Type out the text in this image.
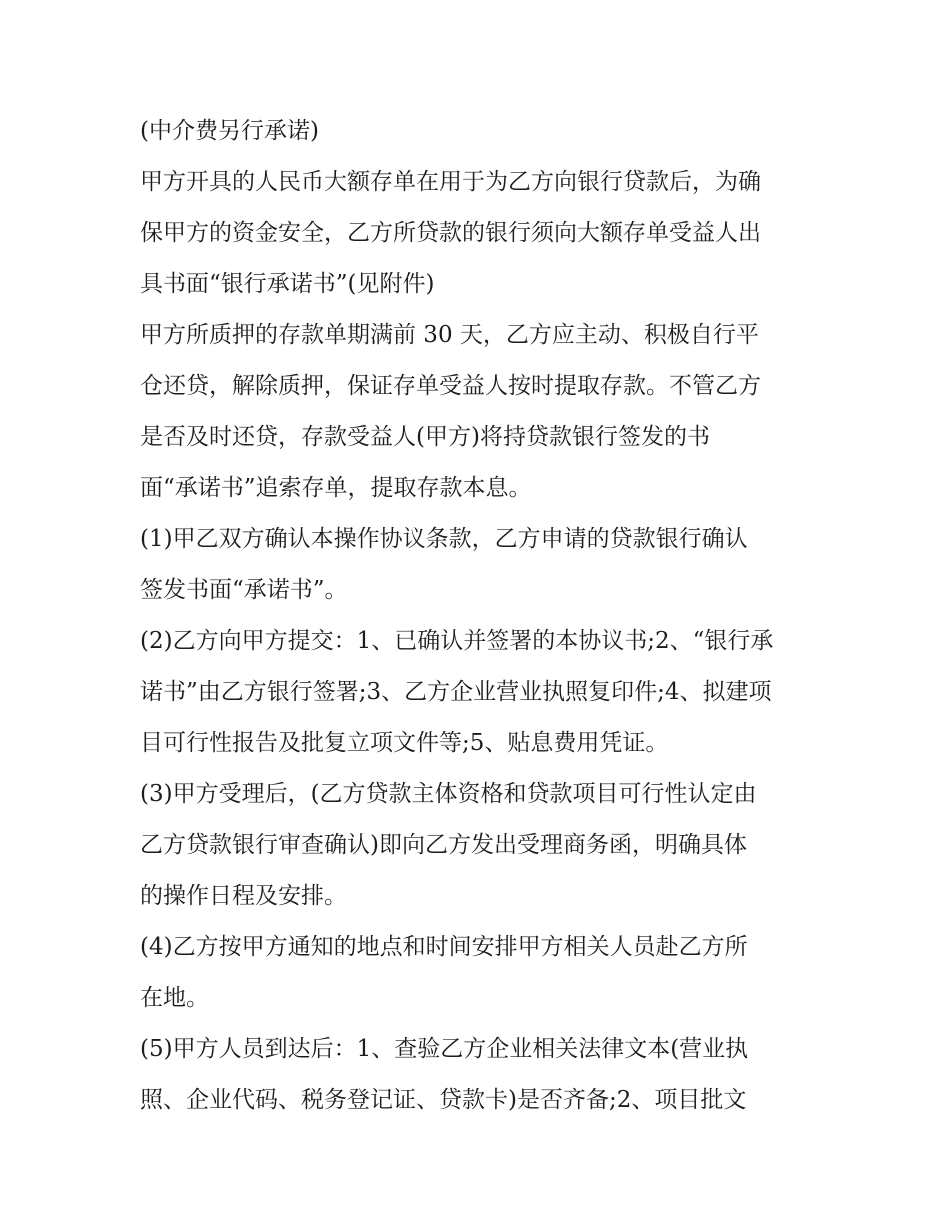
(中介费另行承诺)
甲方开具的人民币大额存单在用于为乙方向银行贷款后，为确
保甲方的资金安全，乙方所贷款的银行须向大额存单受益人出
具书面“银行承诺书”(见附件)
甲方所质押的存款单期满前 30 天，乙方应主动、积极自行平
仓还贷，解除质押，保证存单受益人按时提取存款。不管乙方
是否及时还贷，存款受益人(甲方)将持贷款银行签发的书
面“承诺书”追索存单，提取存款本息。
(1)甲乙双方确认本操作协议条款，乙方申请的贷款银行确认
签发书面“承诺书”。
(2)乙方向甲方提交：1、已确认并签署的本协议书;2、“银行承
诺书”由乙方银行签署;3、乙方企业营业执照复印件;4、拟建项
目可行性报告及批复立项文件等;5、贴息费用凭证。
(3)甲方受理后，(乙方贷款主体资格和贷款项目可行性认定由
乙方贷款银行审查确认)即向乙方发出受理商务函，明确具体
的操作日程及安排。
(4)乙方按甲方通知的地点和时间安排甲方相关人员赴乙方所
在地。
(5)甲方人员到达后：1、查验乙方企业相关法律文本(营业执
照、企业代码、税务登记证、贷款卡)是否齐备;2、项目批文
